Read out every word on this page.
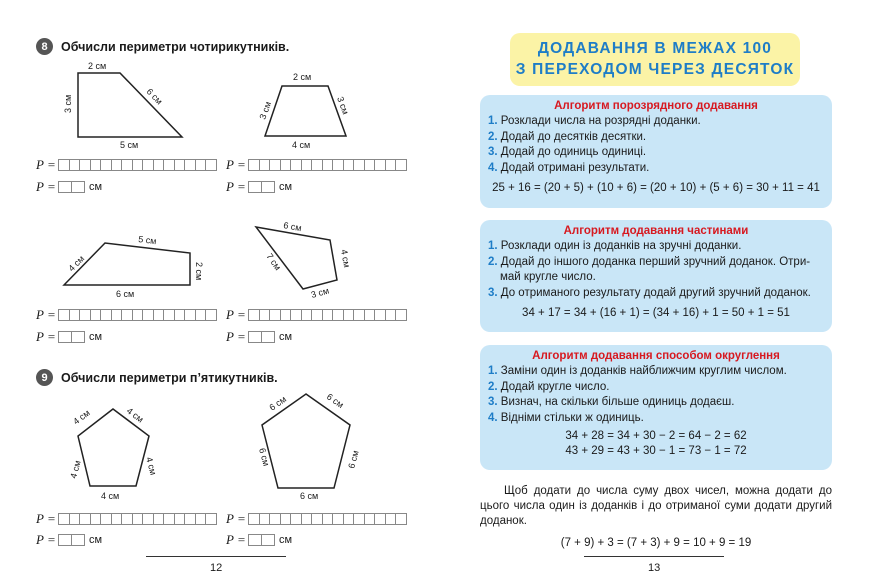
8	Обчисли периметри чотирикутників.
2 см
3 см	6 см
5 см
2 см
3 см	3 см
4 см
5 см
4 см	2 см
6 см
6 см
7 см	4 см
3 см
4 см	4 см
4 см	4 см
4 см
6 см	6 см
6 см	6 см
6 см
9	Обчисли периметри п’ятикутників.
P =
P =	см
P =
P =	см
P =
P =	см
P =
P =	см
P =
P =	см
P =
P =	см
12
ДОДАВАННЯ В МЕЖАХ 100
З ПЕРЕХОДОМ ЧЕРЕЗ ДЕСЯТОК
Алгоритм порозрядного додавання
1. Розклади числа на розрядні доданки.
2. Додай до десятків десятки.
3. Додай до одиниць одиниці.
4. Додай отримані результати.
25 + 16 = (20 + 5) + (10 + 6) = (20 + 10) + (5 + 6) = 30 + 11 = 41
Алгоритм додавання частинами
1. Розклади один із доданків на зручні доданки.
2. Додай до іншого доданка перший зручний доданок. Отри-
май кругле число.
3. До отриманого результату додай другий зручний доданок.
34 + 17 = 34 + (16 + 1) = (34 + 16) + 1 = 50 + 1 = 51
Алгоритм додавання способом округлення
1. Заміни один із доданків найближчим круглим числом.
2. Додай кругле число.
3. Визнач, на скільки більше одиниць додаєш.
4. Відніми стільки ж одиниць.
34 + 28 = 34 + 30 − 2 = 64 − 2 = 62
43 + 29 = 43 + 30 − 1 = 73 − 1 = 72
Щоб додати до числа суму двох чисел, можна додати до цього числа один із доданків і до отриманої суми додати другий доданок.
(7 + 9) + 3 = (7 + 3) + 9 = 10 + 9 = 19
13
